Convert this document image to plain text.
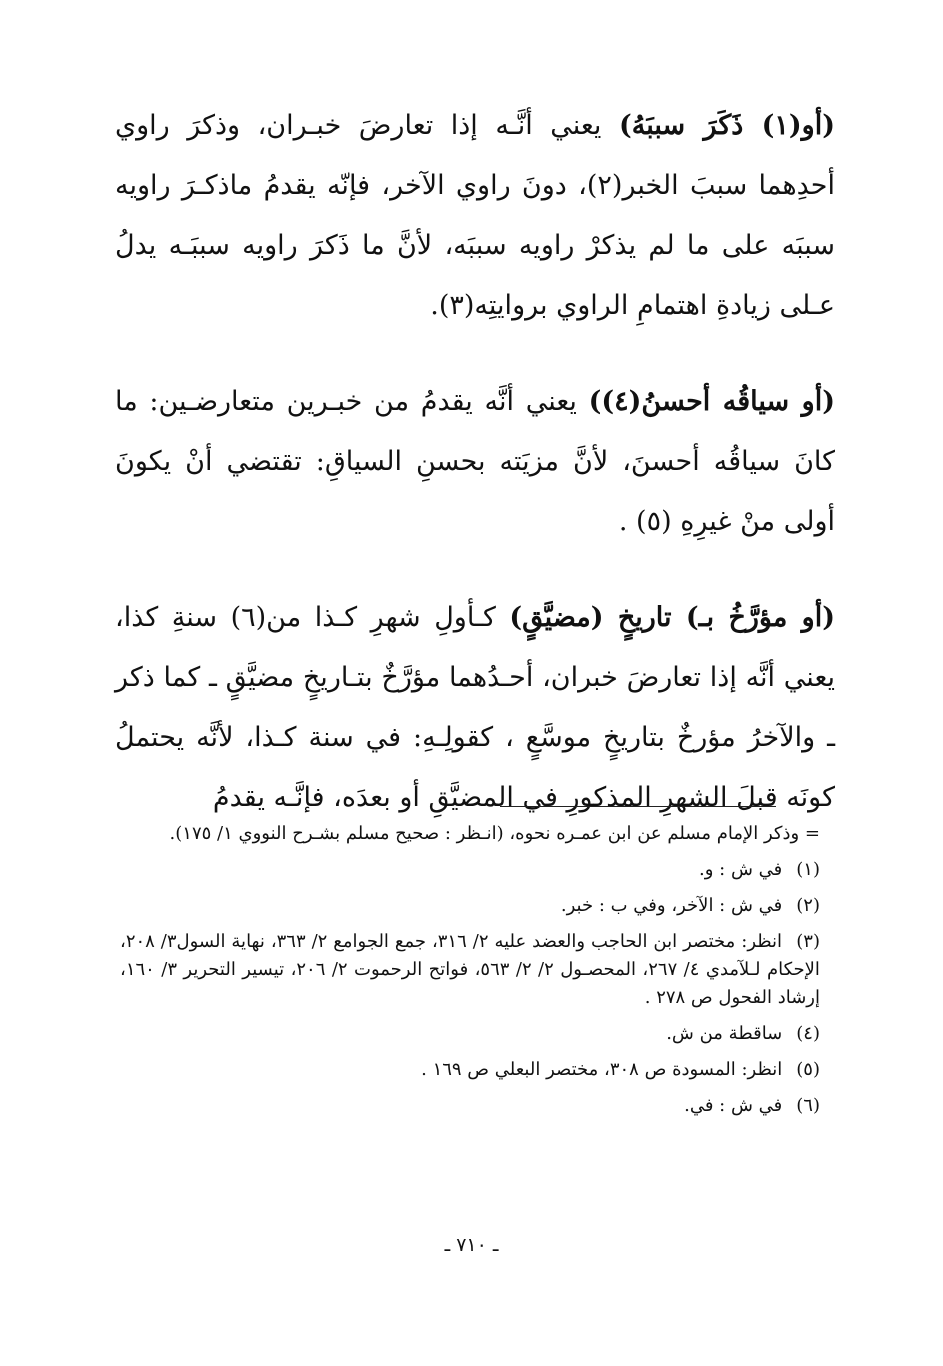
(أو(١) ذَكَرَ سببَهُ) يعني أنَّـه إذا تعارضَ خبـران، وذكرَ راوي أحدِهما سببَ الخبر(٢)، دونَ راوي الآخر، فإنّه يقدمُ ماذكـرَ راويه سببَه على ما لم يذكرْ راويه سببَه، لأنَّ ما ذَكرَ راويه سببَـه يدلُ عـلى زيادةِ اهتمامِ الراوي بروايتِه(٣).

(أو سياقُه أحسنُ(٤)) يعني أنَّه يقدمُ من خبـرين متعارضـين: ما كانَ سياقُه أحسنَ، لأنَّ مزيَته بحسنِ السياقِ: تقتضي أنْ يكونَ أولى منْ غيرِهِ (٥) .

(أو مؤرَّخُ بـ) تاريخٍ (مضيَّقٍ) كـأولِ شهرِ كـذا من(٦) سنةِ كذا، يعني أنَّه إذا تعارضَ خبران، أحـدُهما مؤرَّخٌ بتـاريخٍ مضيَّقٍ ـ كما ذكر ـ والآخرُ مؤرخٌ بتاريخٍ موسَّعٍ ، كقولِـهِ: في سنة كـذا، لأنَّه يحتملُ كونَه قبلَ الشهرِ المذكورِ في المضيَّقِ أو بعدَه، فإنَّـه يقدمُ

= وذكر الإمام مسلم عن ابن عمـره نحوه، (انـظر : صحيح مسلم بشـرح النووي ١/ ١٧٥).

(١) في ش : و.

(٢) في ش : الآخر، وفي ب : خبر.

(٣) انظر: مختصر ابن الحاجب والعضد عليه ٢/ ٣١٦، جمع الجوامع ٢/ ٣٦٣، نهاية السول٣/ ٢٠٨، الإحكام لـلآمدي ٤/ ٢٦٧، المحصـول ٢/ ٢/ ٥٦٣، فواتح الرحموت ٢/ ٢٠٦، تيسير التحرير ٣/ ١٦٠، إرشاد الفحول ص ٢٧٨ .

(٤) ساقطة من ش.

(٥) انظر: المسودة ص ٣٠٨، مختصر البعلي ص ١٦٩ .

(٦) في ش : في.

ـ ٧١٠ ـ
